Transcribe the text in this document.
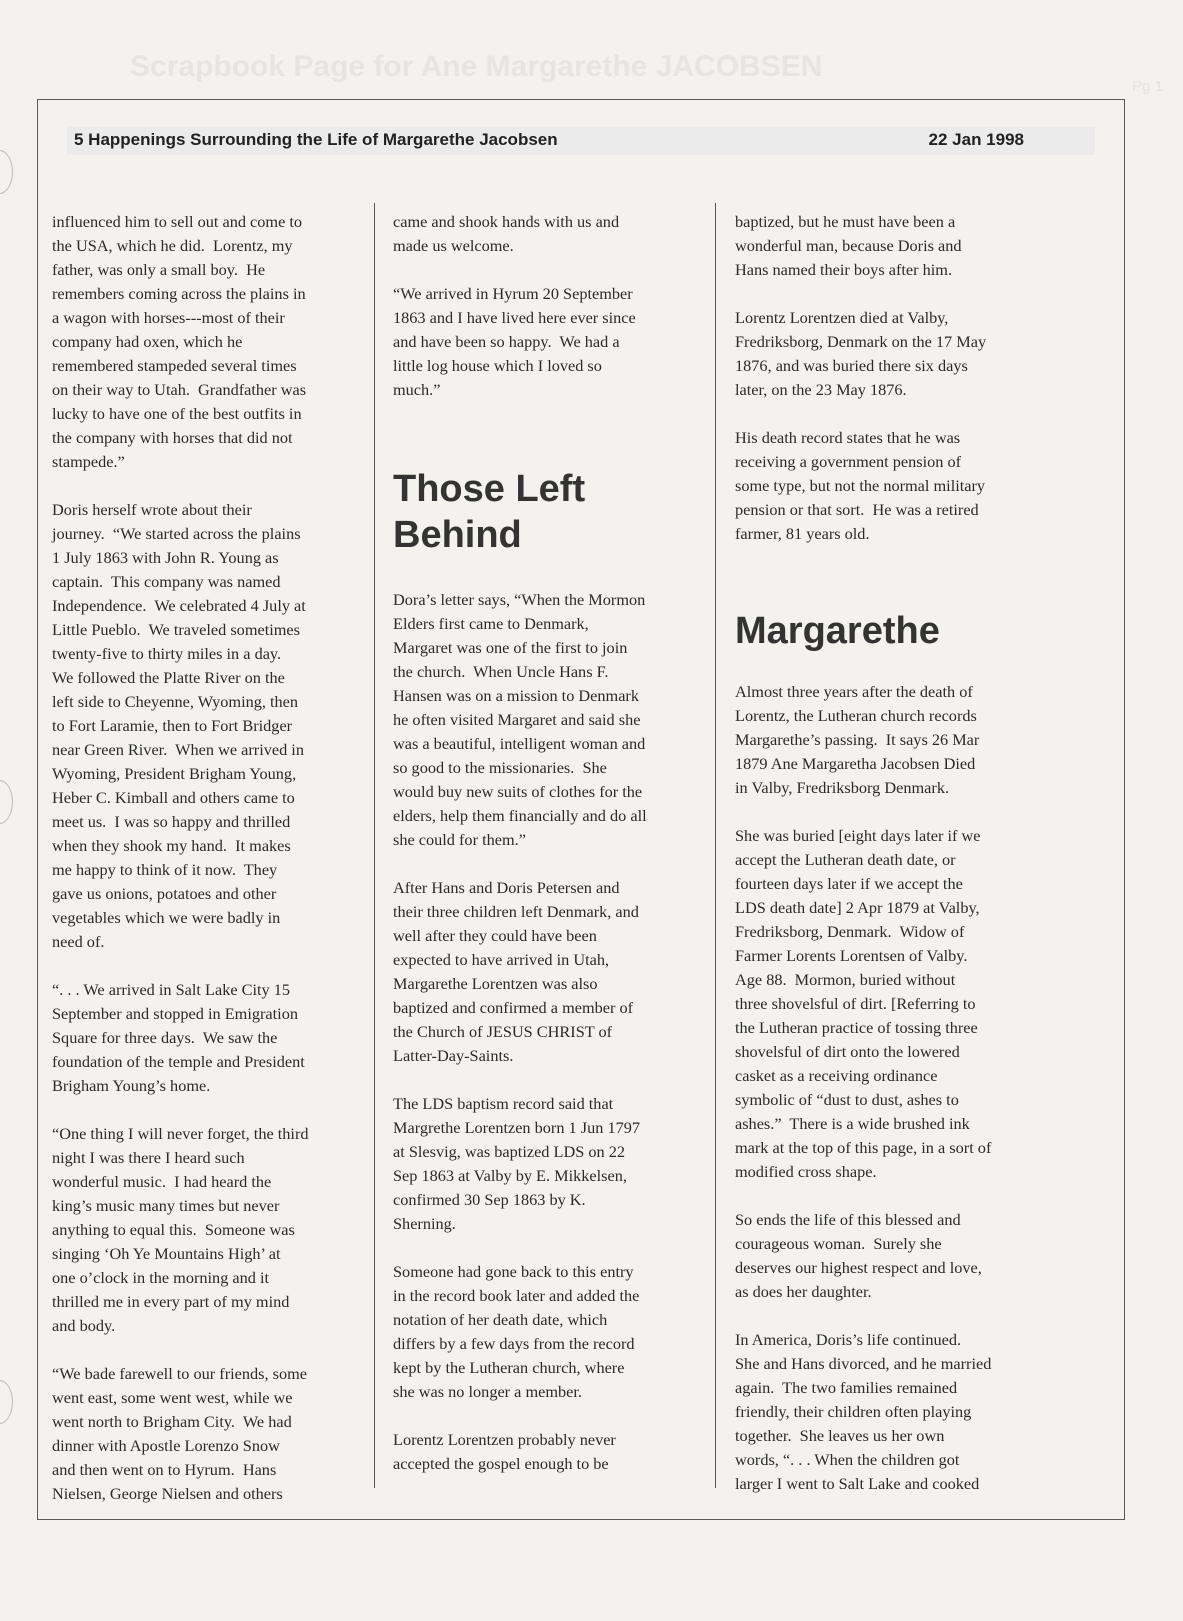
Scrapbook Page for Ane Margarethe JACOBSEN
Pg 1
5 Happenings Surrounding the Life of Margarethe Jacobsen	22 Jan 1998

influenced him to sell out and come to
the USA, which he did.  Lorentz, my
father, was only a small boy.  He
remembers coming across the plains in
a wagon with horses---most of their
company had oxen, which he
remembered stampeded several times
on their way to Utah.  Grandfather was
lucky to have one of the best outfits in
the company with horses that did not
stampede.”

Doris herself wrote about their
journey.  “We started across the plains
1 July 1863 with John R. Young as
captain.  This company was named
Independence.  We celebrated 4 July at
Little Pueblo.  We traveled sometimes
twenty-five to thirty miles in a day.
We followed the Platte River on the
left side to Cheyenne, Wyoming, then
to Fort Laramie, then to Fort Bridger
near Green River.  When we arrived in
Wyoming, President Brigham Young,
Heber C. Kimball and others came to
meet us.  I was so happy and thrilled
when they shook my hand.  It makes
me happy to think of it now.  They
gave us onions, potatoes and other
vegetables which we were badly in
need of.

“. . . We arrived in Salt Lake City 15
September and stopped in Emigration
Square for three days.  We saw the
foundation of the temple and President
Brigham Young’s home.

“One thing I will never forget, the third
night I was there I heard such
wonderful music.  I had heard the
king’s music many times but never
anything to equal this.  Someone was
singing ‘Oh Ye Mountains High’ at
one o’clock in the morning and it
thrilled me in every part of my mind
and body.

“We bade farewell to our friends, some
went east, some went west, while we
went north to Brigham City.  We had
dinner with Apostle Lorenzo Snow
and then went on to Hyrum.  Hans
Nielsen, George Nielsen and others

came and shook hands with us and
made us welcome.

“We arrived in Hyrum 20 September
1863 and I have lived here ever since
and have been so happy.  We had a
little log house which I loved so
much.”

Those Left
Behind

Dora’s letter says, “When the Mormon
Elders first came to Denmark,
Margaret was one of the first to join
the church.  When Uncle Hans F.
Hansen was on a mission to Denmark
he often visited Margaret and said she
was a beautiful, intelligent woman and
so good to the missionaries.  She
would buy new suits of clothes for the
elders, help them financially and do all
she could for them.”

After Hans and Doris Petersen and
their three children left Denmark, and
well after they could have been
expected to have arrived in Utah,
Margarethe Lorentzen was also
baptized and confirmed a member of
the Church of JESUS CHRIST of
Latter-Day-Saints.

The LDS baptism record said that
Margrethe Lorentzen born 1 Jun 1797
at Slesvig, was baptized LDS on 22
Sep 1863 at Valby by E. Mikkelsen,
confirmed 30 Sep 1863 by K.
Sherning.

Someone had gone back to this entry
in the record book later and added the
notation of her death date, which
differs by a few days from the record
kept by the Lutheran church, where
she was no longer a member.

Lorentz Lorentzen probably never
accepted the gospel enough to be

baptized, but he must have been a
wonderful man, because Doris and
Hans named their boys after him.

Lorentz Lorentzen died at Valby,
Fredriksborg, Denmark on the 17 May
1876, and was buried there six days
later, on the 23 May 1876.

His death record states that he was
receiving a government pension of
some type, but not the normal military
pension or that sort.  He was a retired
farmer, 81 years old.

Margarethe

Almost three years after the death of
Lorentz, the Lutheran church records
Margarethe’s passing.  It says 26 Mar
1879 Ane Margaretha Jacobsen Died
in Valby, Fredriksborg Denmark.

She was buried [eight days later if we
accept the Lutheran death date, or
fourteen days later if we accept the
LDS death date] 2 Apr 1879 at Valby,
Fredriksborg, Denmark.  Widow of
Farmer Lorents Lorentsen of Valby.
Age 88.  Mormon, buried without
three shovelsful of dirt. [Referring to
the Lutheran practice of tossing three
shovelsful of dirt onto the lowered
casket as a receiving ordinance
symbolic of “dust to dust, ashes to
ashes.”  There is a wide brushed ink
mark at the top of this page, in a sort of
modified cross shape.

So ends the life of this blessed and
courageous woman.  Surely she
deserves our highest respect and love,
as does her daughter.

In America, Doris’s life continued.
She and Hans divorced, and he married
again.  The two families remained
friendly, their children often playing
together.  She leaves us her own
words, “. . . When the children got
larger I went to Salt Lake and cooked
